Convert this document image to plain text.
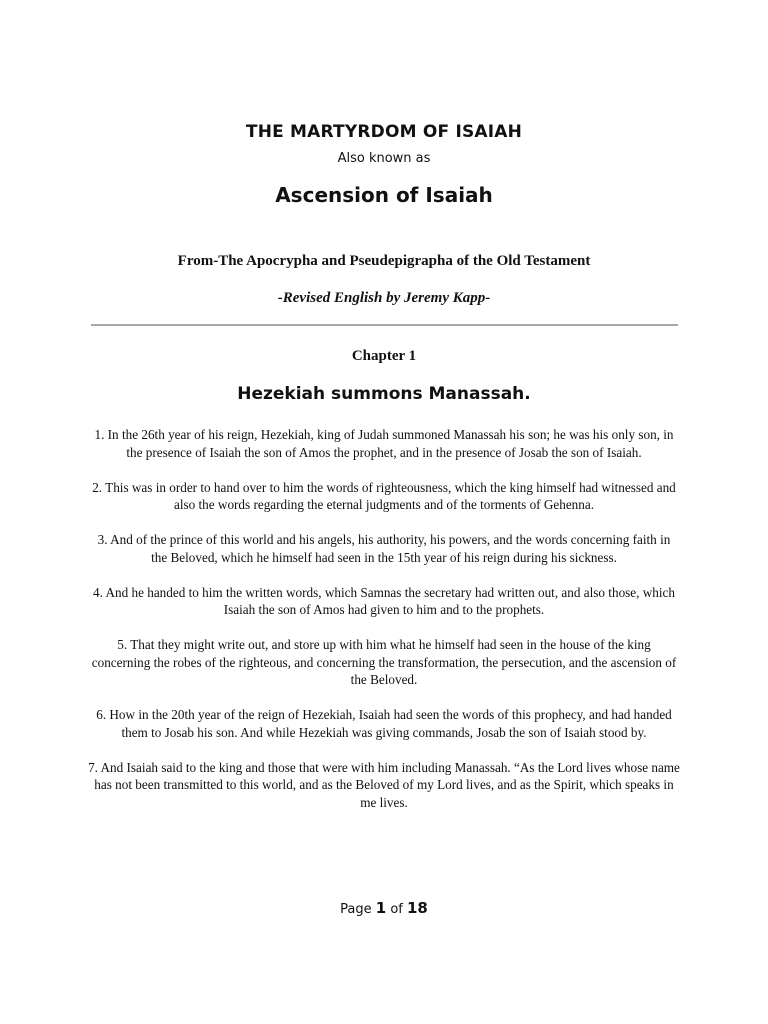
THE MARTYRDOM OF ISAIAH
Also known as
Ascension of Isaiah
From-The Apocrypha and Pseudepigrapha of the Old Testament
-Revised English by Jeremy Kapp-
Chapter 1
Hezekiah summons Manassah.

1. In the 26th year of his reign, Hezekiah, king of Judah summoned Manassah his son; he was his only son, in the presence of Isaiah the son of Amos the prophet, and in the presence of Josab the son of Isaiah.

2. This was in order to hand over to him the words of righteousness, which the king himself had witnessed and also the words regarding the eternal judgments and of the torments of Gehenna.

3. And of the prince of this world and his angels, his authority, his powers, and the words concerning faith in the Beloved, which he himself had seen in the 15th year of his reign during his sickness.

4. And he handed to him the written words, which Samnas the secretary had written out, and also those, which Isaiah the son of Amos had given to him and to the prophets.

5. That they might write out, and store up with him what he himself had seen in the house of the king concerning the robes of the righteous, and concerning the transformation, the persecution, and the ascension of the Beloved.

6. How in the 20th year of the reign of Hezekiah, Isaiah had seen the words of this prophecy, and had handed them to Josab his son. And while Hezekiah was giving commands, Josab the son of Isaiah stood by.

7. And Isaiah said to the king and those that were with him including Manassah. “As the Lord lives whose name has not been transmitted to this world, and as the Beloved of my Lord lives, and as the Spirit, which speaks in me lives.

Page 1 of 18
